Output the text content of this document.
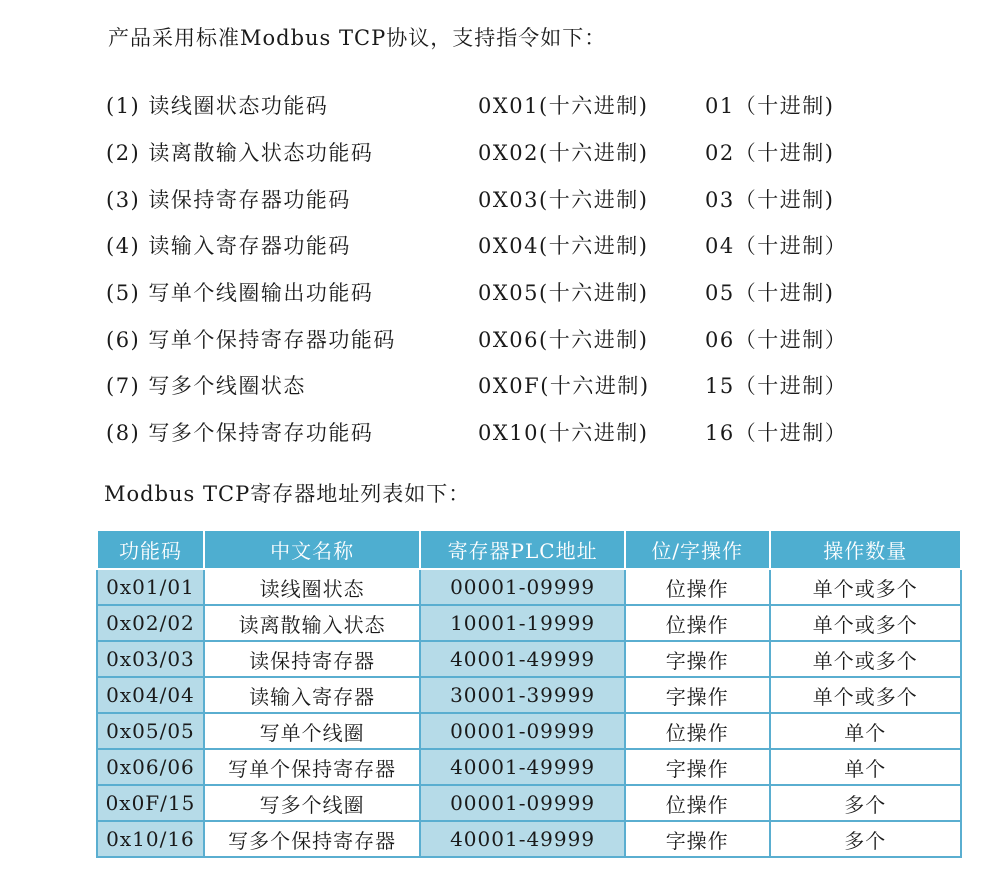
产品采用标准Modbus TCP协议，支持指令如下：

(1) 读线圈状态功能码	0X01(十六进制)	01（十进制)
(2) 读离散输入状态功能码	0X02(十六进制)	02（十进制)
(3) 读保持寄存器功能码	0X03(十六进制)	03（十进制)
(4) 读输入寄存器功能码	0X04(十六进制)	04（十进制）
(5) 写单个线圈输出功能码	0X05(十六进制)	05（十进制)
(6) 写单个保持寄存器功能码	0X06(十六进制)	06（十进制）
(7) 写多个线圈状态	0X0F(十六进制)	15（十进制）
(8) 写多个保持寄存功能码	0X10(十六进制)	16（十进制）

Modbus TCP寄存器地址列表如下：

功能码	中文名称	寄存器PLC地址	位/字操作	操作数量
0x01/01	读线圈状态	00001-09999	位操作	单个或多个
0x02/02	读离散输入状态	10001-19999	位操作	单个或多个
0x03/03	读保持寄存器	40001-49999	字操作	单个或多个
0x04/04	读输入寄存器	30001-39999	字操作	单个或多个
0x05/05	写单个线圈	00001-09999	位操作	单个
0x06/06	写单个保持寄存器	40001-49999	字操作	单个
0x0F/15	写多个线圈	00001-09999	位操作	多个
0x10/16	写多个保持寄存器	40001-49999	字操作	多个
